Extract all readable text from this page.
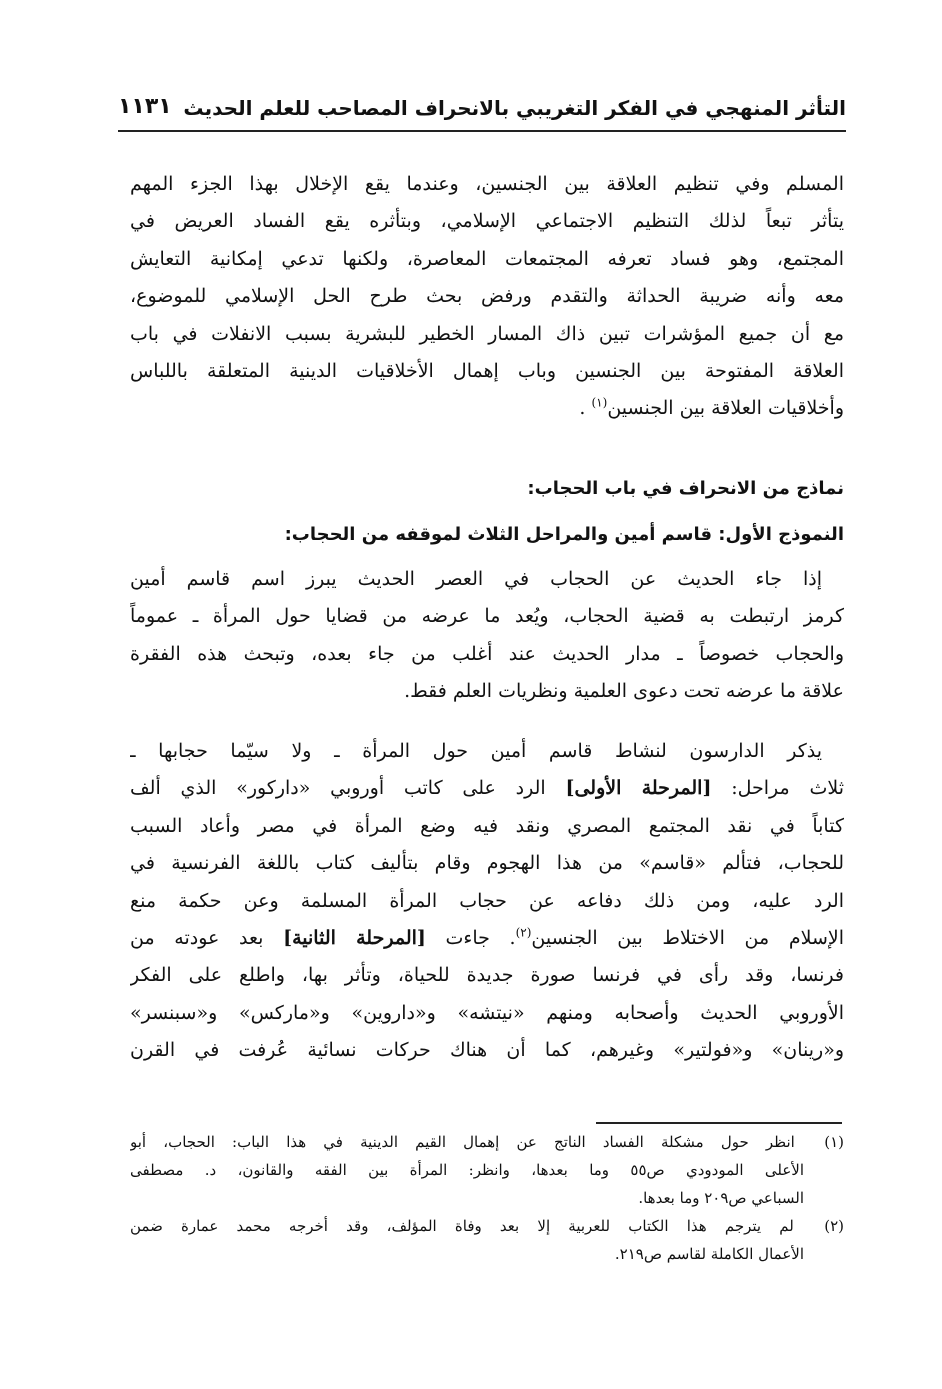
التأثر المنهجي في الفكر التغريبي بالانحراف المصاحب للعلم الحديث
١١٣١
المسلم وفي تنظيم العلاقة بين الجنسين، وعندما يقع الإخلال بهذا الجزء المهم
يتأثر تبعاً لذلك التنظيم الاجتماعي الإسلامي، وبتأثره يقع الفساد العريض في
المجتمع، وهو فساد تعرفه المجتمعات المعاصرة، ولكنها تدعي إمكانية التعايش
معه وأنه ضريبة الحداثة والتقدم ورفض بحث طرح الحل الإسلامي للموضوع،
مع أن جميع المؤشرات تبين ذاك المسار الخطير للبشرية بسبب الانفلات في باب
العلاقة المفتوحة بين الجنسين وباب إهمال الأخلاقيات الدينية المتعلقة باللباس
وأخلاقيات العلاقة بين الجنسين$^{(١)}$ .
نماذج من الانحراف في باب الحجاب:
النموذج الأول: قاسم أمين والمراحل الثلاث لموقفه من الحجاب:
إذا جاء الحديث عن الحجاب في العصر الحديث يبرز اسم قاسم أمين
كرمز ارتبطت به قضية الحجاب، ويُعد ما عرضه من قضايا حول المرأة ـ عموماً
والحجاب خصوصاً ـ مدار الحديث عند أغلب من جاء بعده، وتبحث هذه الفقرة
علاقة ما عرضه تحت دعوى العلمية ونظريات العلم فقط.
يذكر الدارسون لنشاط قاسم أمين حول المرأة ـ ولا سيّما حجابها ـ
ثلاث مراحل: [المرحلة الأولى] الرد على كاتب أوروبي «داركور» الذي ألف
كتاباً في نقد المجتمع المصري ونقد فيه وضع المرأة في مصر وأعاد السبب
للحجاب، فتألم «قاسم» من هذا الهجوم وقام بتأليف كتاب باللغة الفرنسية في
الرد عليه، ومن ذلك دفاعه عن حجاب المرأة المسلمة وعن حكمة منع
الإسلام من الاختلاط بين الجنسين$^{(٢)}$. جاءت [المرحلة الثانية] بعد عودته من
فرنسا، وقد رأى في فرنسا صورة جديدة للحياة، وتأثر بها، واطلع على الفكر
الأوروبي الحديث وأصحابه ومنهم «نيتشه» و«داروين» و«ماركس» و«سبنسر»
و«رينان» و«فولتير» وغيرهم، كما أن هناك حركات نسائية عُرفت في القرن
(١) انظر حول مشكلة الفساد الناتج عن إهمال القيم الدينية في هذا الباب: الحجاب، أبو
الأعلى المودودي ص٥٥ وما بعدها، وانظر: المرأة بين الفقه والقانون، د. مصطفى
السباعي ص٢٠٩ وما بعدها.
(٢) لم يترجم هذا الكتاب للعربية إلا بعد وفاة المؤلف، وقد أخرجه محمد عمارة ضمن
الأعمال الكاملة لقاسم ص٢١٩.
